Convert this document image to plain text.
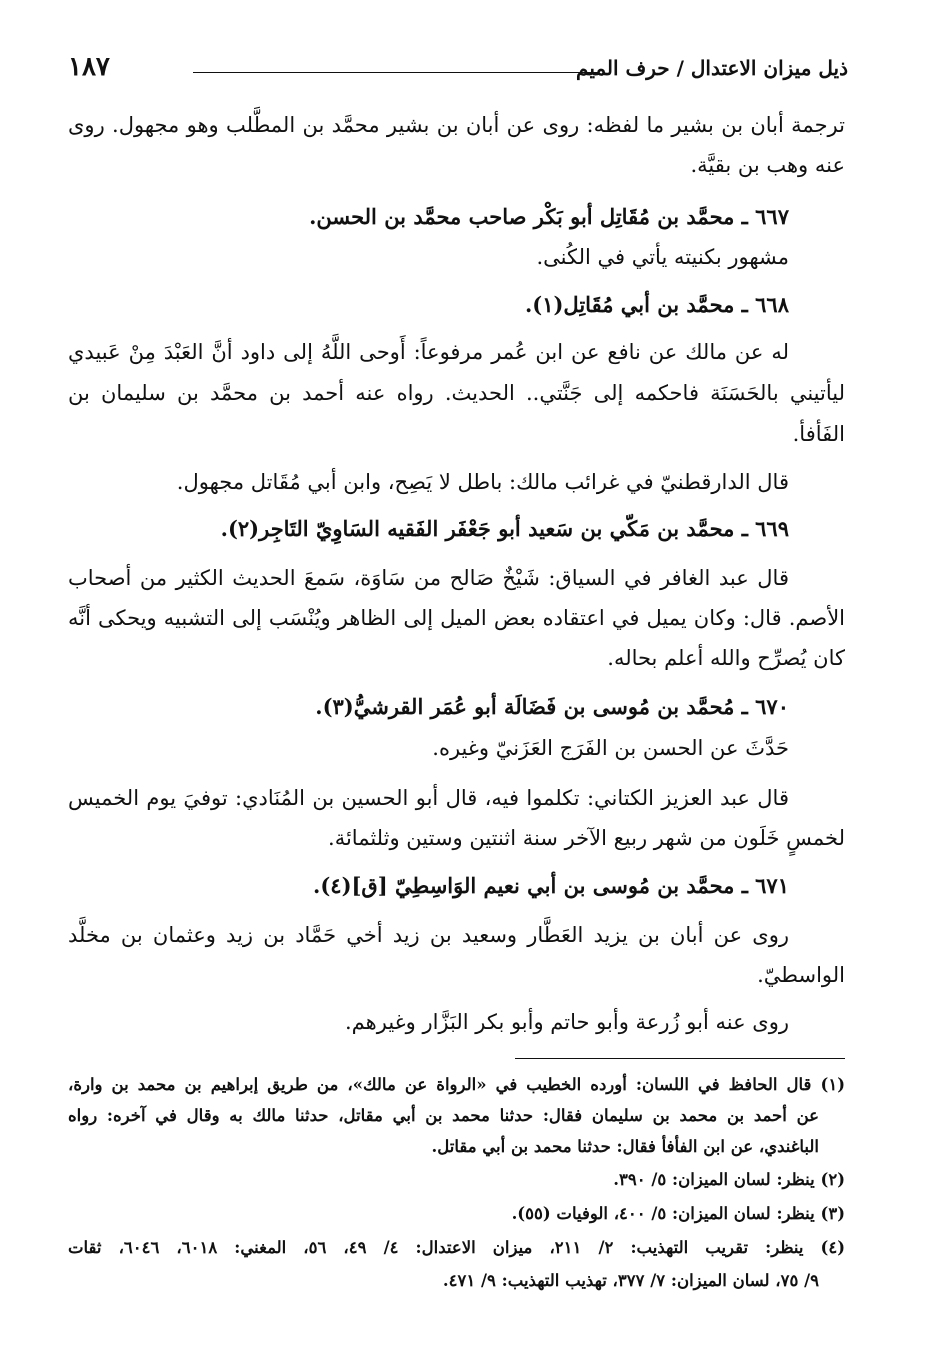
ذيل ميزان الاعتدال / حرف الميم
١٨٧
ترجمة أبان بن بشير ما لفظه: روى عن أبان بن بشير محمَّد بن المطَّلب وهو مجهول. روى
عنه وهب بن بقيَّة.
٦٦٧ ـ محمَّد بن مُقَاتِل أبو بَكْر صاحب محمَّد بن الحسن.
مشهور بكنيته يأتي في الكُنى.
٦٦٨ ـ محمَّد بن أبي مُقَاتِل(١).
له عن مالك عن نافع عن ابن عُمر مرفوعاً: أَوحى اللَّهُ إلى داود أنَّ العَبْدَ مِنْ عَبيدي
ليأتيني بالحَسَنَة فاحكمه إلى جَنَّتي.. الحديث. رواه عنه أحمد بن محمَّد بن سليمان بن
الفَأفأ.
قال الدارقطنيّ في غرائب مالك: باطل لا يَصِح، وابن أبي مُقَاتل مجهول.
٦٦٩ ـ محمَّد بن مَكّي بن سَعيد أبو جَعْفَر الفَقيه السَاوِيّ التَاجِر(٢).
قال عبد الغافر في السياق: شَيْخٌ صَالح من سَاوَة، سَمعَ الحديث الكثير من أصحاب
الأصم. قال: وكان يميل في اعتقاده بعض الميل إلى الظاهر ويُنْسَب إلى التشبيه ويحكى أنَّه
كان يُصرِّح والله أعلم بحاله.
٦٧٠ ـ مُحمَّد بن مُوسى بن فَضَالَة أبو عُمَر القرشيُّ(٣).
حَدَّثَ عن الحسن بن الفَرَج العَزَنيّ وغيره.
قال عبد العزيز الكتاني: تكلموا فيه، قال أبو الحسين بن المُنَادي: توفيَ يوم الخميس
لخمسٍ خَلَون من شهر ربيع الآخر سنة اثنتين وستين وثلثمائة.
٦٧١ ـ محمَّد بن مُوسى بن أبي نعيم الوَاسِطِيّ [ق](٤).
روى عن أبان بن يزيد العَطَّار وسعيد بن زيد أخي حَمَّاد بن زيد وعثمان بن مخلَّد
الواسطيّ.
روى عنه أبو زُرعة وأبو حاتم وأبو بكر البَزَّار وغيرهم.
(١) قال الحافظ في اللسان: أورده الخطيب في «الرواة عن مالك»، من طريق إبراهيم بن محمد بن وارة،
عن أحمد بن محمد بن سليمان فقال: حدثنا محمد بن أبي مقاتل، حدثنا مالك به وقال في آخره: رواه
الباغندي، عن ابن الفأفأ فقال: حدثنا محمد بن أبي مقاتل.
(٢) ينظر: لسان الميزان: ٥/ ٣٩٠.
(٣) ينظر: لسان الميزان: ٥/ ٤٠٠، الوفيات (٥٥).
(٤) ينظر: تقريب التهذيب: ٢/ ٢١١، ميزان الاعتدال: ٤/ ٤٩، ٥٦، المغني: ٦٠١٨، ٦٠٤٦، ثقات
٩/ ٧٥، لسان الميزان: ٧/ ٣٧٧، تهذيب التهذيب: ٩/ ٤٧١.
